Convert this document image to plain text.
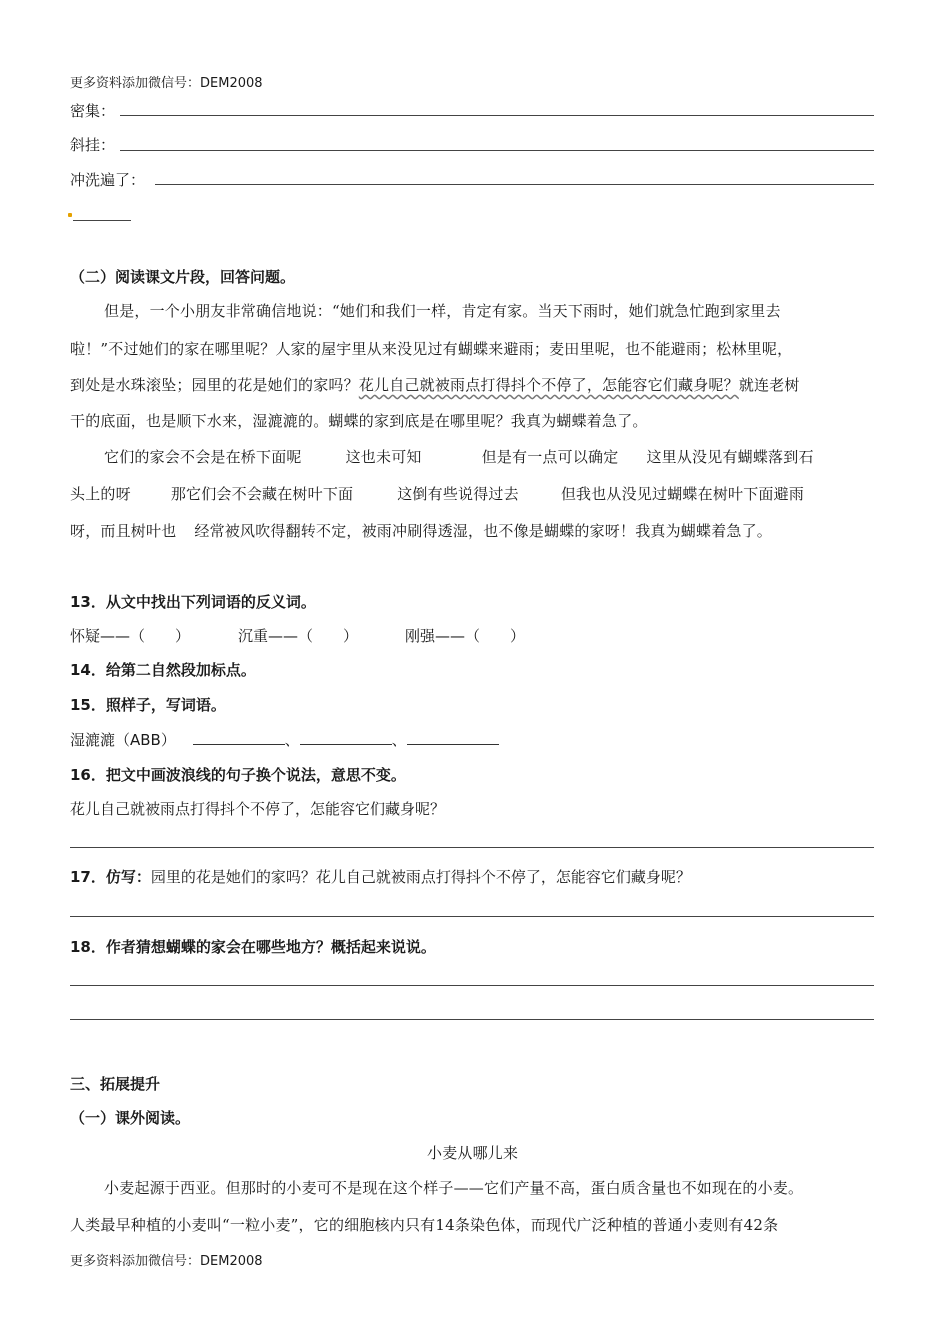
更多资料添加微信号：DEM2008
密集：
斜挂：
冲洗遍了：
（二）阅读课文片段，回答问题。
但是，一个小朋友非常确信地说：“她们和我们一样，肯定有家。当天下雨时，她们就急忙跑到家里去
啦！”不过她们的家在哪里呢？人家的屋宇里从来没见过有蝴蝶来避雨；麦田里呢，也不能避雨；松林里呢，
到处是水珠滚坠；园里的花是她们的家吗？花儿自己就被雨点打得抖个不停了，怎能容它们藏身呢？就连老树
干的底面，也是顺下水来，湿漉漉的。蝴蝶的家到底是在哪里呢？我真为蝴蝶着急了。
它们的家会不会是在桥下面呢	这也未可知	但是有一点可以确定 这里从没见有蝴蝶落到石
头上的呀	那它们会不会藏在树叶下面	这倒有些说得过去	但我也从没见过蝴蝶在树叶下面避雨
呀，而且树叶也 经常被风吹得翻转不定，被雨冲刷得透湿，也不像是蝴蝶的家呀！我真为蝴蝶着急了。
13．从文中找出下列词语的反义词。
怀疑——（　　）	沉重——（　　）	刚强——（　　）
14．给第二自然段加标点。
15．照样子，写词语。
湿漉漉（ABB）	、	、
16．把文中画波浪线的句子换个说法，意思不变。
花儿自己就被雨点打得抖个不停了，怎能容它们藏身呢？
17．仿写：园里的花是她们的家吗？花儿自己就被雨点打得抖个不停了，怎能容它们藏身呢？
18．作者猜想蝴蝶的家会在哪些地方？概括起来说说。
三、拓展提升
（一）课外阅读。
小麦从哪儿来
小麦起源于西亚。但那时的小麦可不是现在这个样子——它们产量不高，蛋白质含量也不如现在的小麦。
人类最早种植的小麦叫“一粒小麦”，它的细胞核内只有14条染色体，而现代广泛种植的普通小麦则有42条
更多资料添加微信号：DEM2008
